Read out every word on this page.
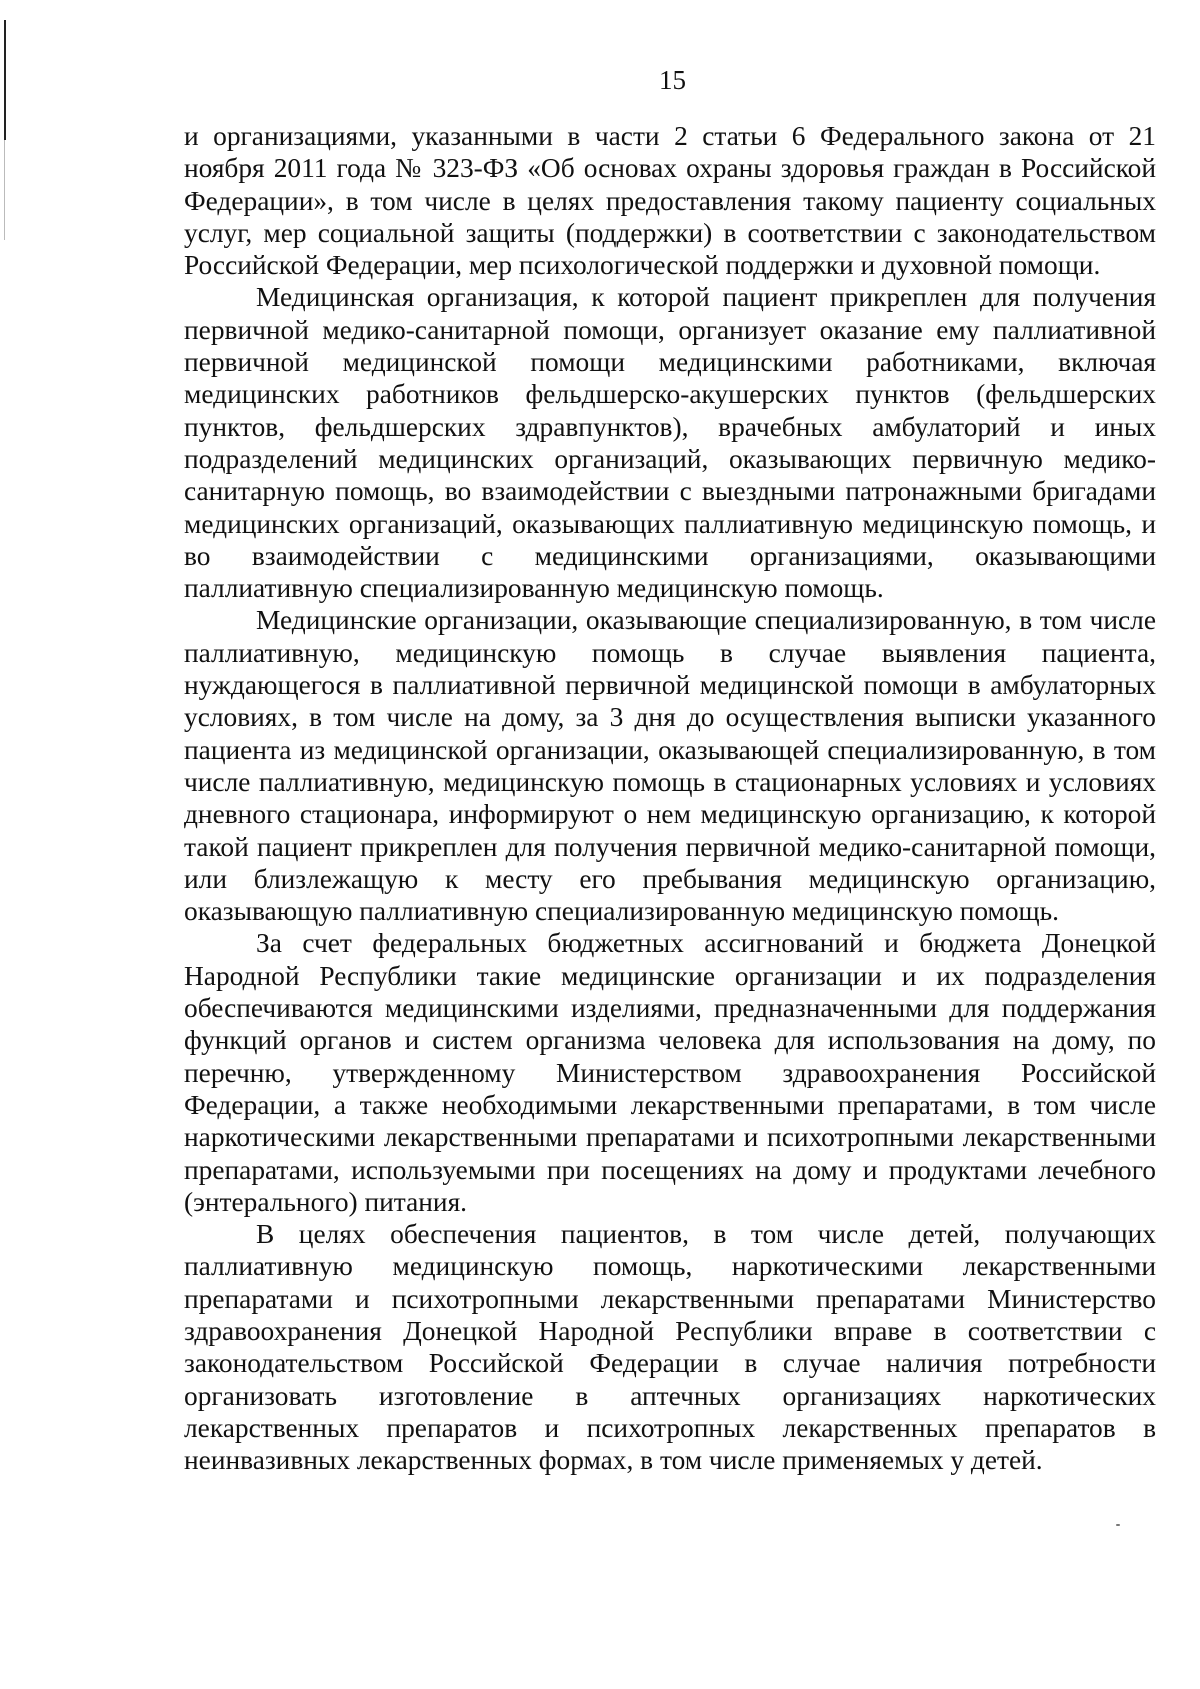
15

и организациями, указанными в части 2 статьи 6 Федерального закона от 21 ноября 2011 года № 323-ФЗ «Об основах охраны здоровья граждан в Российской Федерации», в том числе в целях предоставления такому пациенту социальных услуг, мер социальной защиты (поддержки) в соответствии с законодательством Российской Федерации, мер психологической поддержки и духовной помощи.

Медицинская организация, к которой пациент прикреплен для получения первичной медико-санитарной помощи, организует оказание ему паллиативной первичной медицинской помощи медицинскими работниками, включая медицинских работников фельдшерско-акушерских пунктов (фельдшерских пунктов, фельдшерских здравпунктов), врачебных амбулаторий и иных подразделений медицинских организаций, оказывающих первичную медико-санитарную помощь, во взаимодействии с выездными патронажными бригадами медицинских организаций, оказывающих паллиативную медицинскую помощь, и во взаимодействии с медицинскими организациями, оказывающими паллиативную специализированную медицинскую помощь.

Медицинские организации, оказывающие специализированную, в том числе паллиативную, медицинскую помощь в случае выявления пациента, нуждающегося в паллиативной первичной медицинской помощи в амбулаторных условиях, в том числе на дому, за 3 дня до осуществления выписки указанного пациента из медицинской организации, оказывающей специализированную, в том числе паллиативную, медицинскую помощь в стационарных условиях и условиях дневного стационара, информируют о нем медицинскую организацию, к которой такой пациент прикреплен для получения первичной медико-санитарной помощи, или близлежащую к месту его пребывания медицинскую организацию, оказывающую паллиативную специализированную медицинскую помощь.

За счет федеральных бюджетных ассигнований и бюджета Донецкой Народной Республики такие медицинские организации и их подразделения обеспечиваются медицинскими изделиями, предназначенными для поддержания функций органов и систем организма человека для использования на дому, по перечню, утвержденному Министерством здравоохранения Российской Федерации, а также необходимыми лекарственными препаратами, в том числе наркотическими лекарственными препаратами и психотропными лекарственными препаратами, используемыми при посещениях на дому и продуктами лечебного (энтерального) питания.

В целях обеспечения пациентов, в том числе детей, получающих паллиативную медицинскую помощь, наркотическими лекарственными препаратами и психотропными лекарственными препаратами Министерство здравоохранения Донецкой Народной Республики вправе в соответствии с законодательством Российской Федерации в случае наличия потребности организовать изготовление в аптечных организациях наркотических лекарственных препаратов и психотропных лекарственных препаратов в неинвазивных лекарственных формах, в том числе применяемых у детей.
